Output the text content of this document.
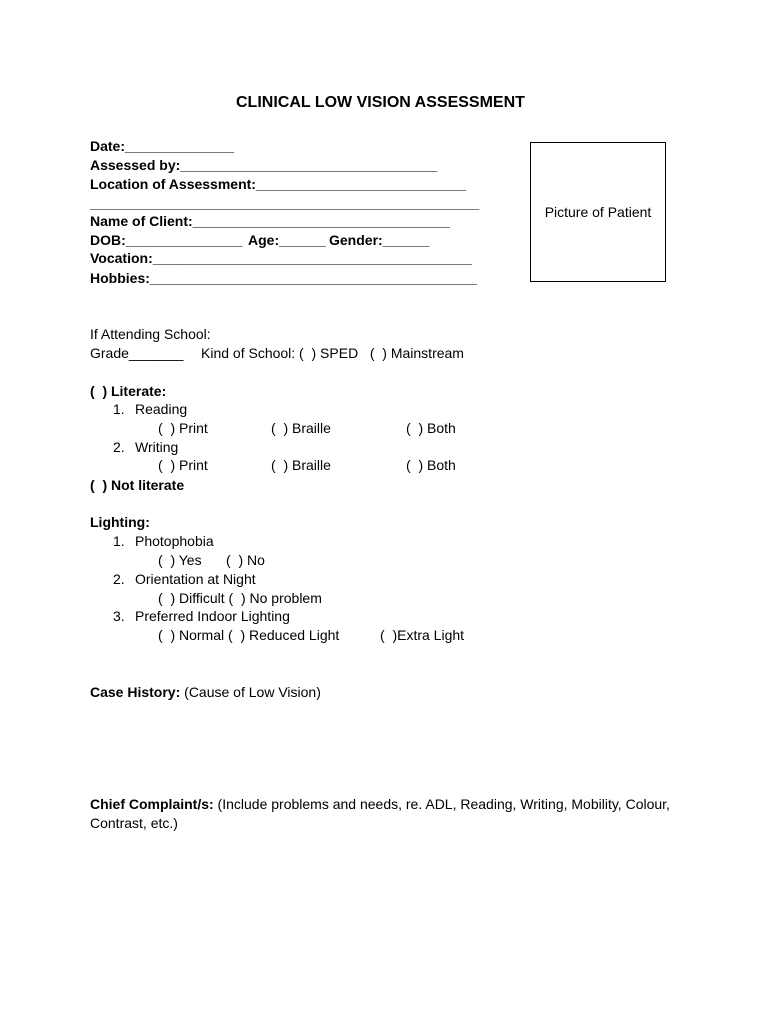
CLINICAL LOW VISION ASSESSMENT
Date:______________
Assessed by:_________________________________
Location of Assessment:___________________________
__________________________________________________
Name of Client:_________________________________
DOB:_______________ Age:______ Gender:______
Vocation:_________________________________________
Hobbies:__________________________________________
Picture of Patient
If Attending School:
Grade_______ Kind of School: (  ) SPED   (  ) Mainstream
(  ) Literate:
1. Reading
(  ) Print	(  ) Braille	(  ) Both
2. Writing
(  ) Print	(  ) Braille	(  ) Both
(  ) Not literate
Lighting:
1. Photophobia
(  ) Yes (  ) No
2. Orientation at Night
(  ) Difficult (  ) No problem
3. Preferred Indoor Lighting
(  ) Normal (  ) Reduced Light	(  )Extra Light
Case History: (Cause of Low Vision)
Chief Complaint/s: (Include problems and needs, re. ADL, Reading, Writing, Mobility, Colour,
Contrast, etc.)
